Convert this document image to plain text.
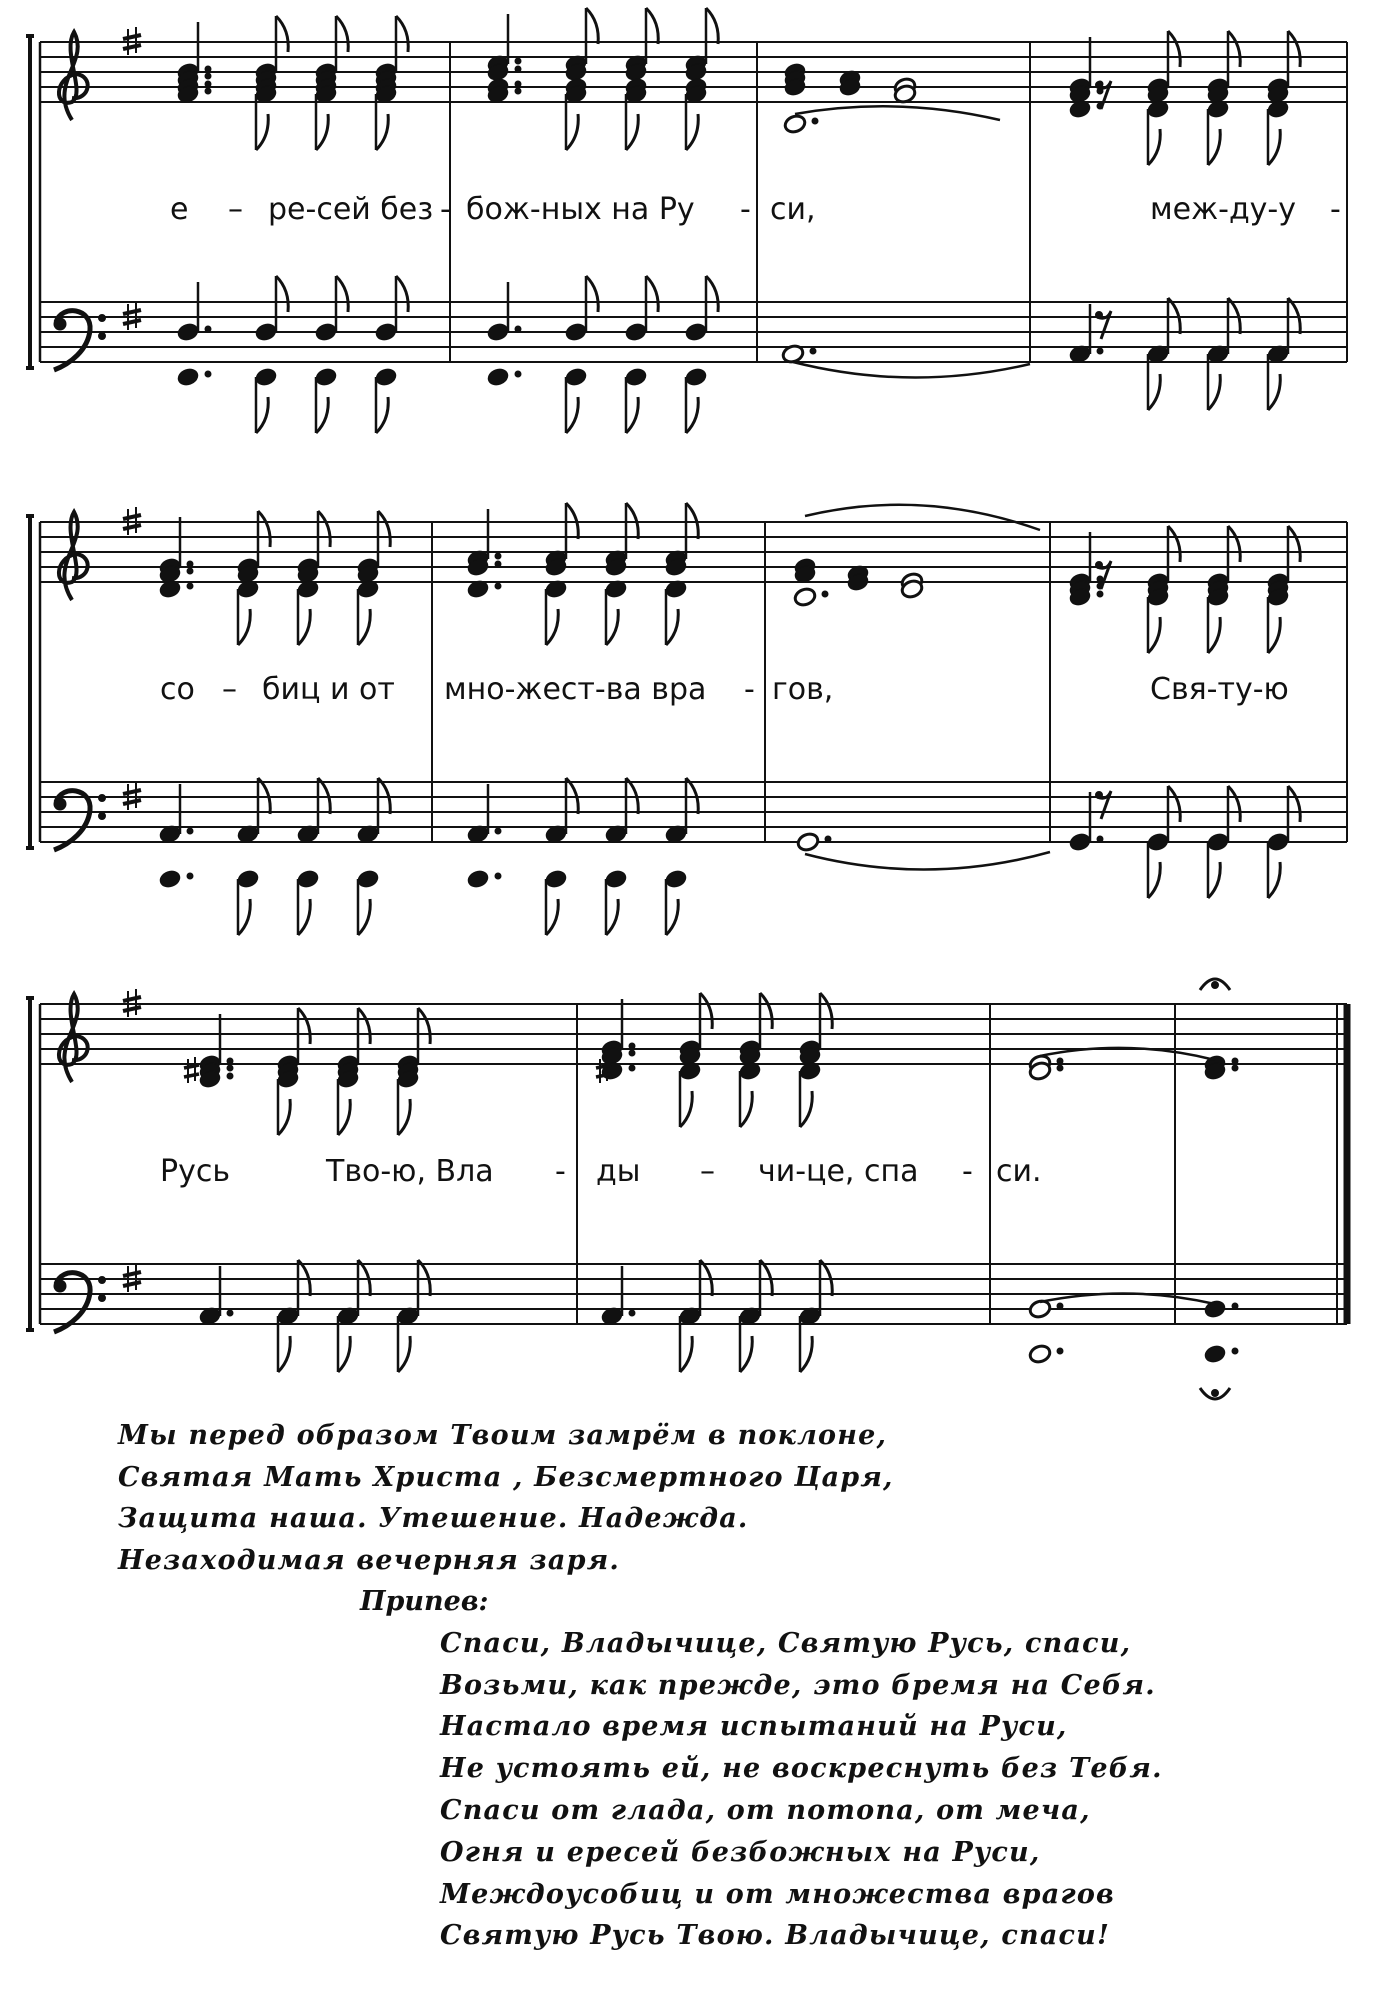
е – ре-сей без - бож-ных на Ру - си,	меж-ду-у -
со – биц и от мно-жест-ва вра - гов,	Свя-ту-ю
Русь	Тво-ю, Вла - ды – чи-це, спа - си.
Мы перед образом Твоим замрём в поклоне,
Святая Мать Христа , Безсмертного Царя,
Защита наша. Утешение. Надежда.
Незаходимая вечерняя заря.
Припев:
Спаси, Владычице, Святую Русь, спаси,
Возьми, как прежде, это бремя на Себя.
Настало время испытаний на Руси,
Не устоять ей, не воскреснуть без Тебя.
Спаси от глада, от потопа, от меча,
Огня и ересей безбожных на Руси,
Междоусобиц и от множества врагов
Святую Русь Твою. Владычице, спаси!
